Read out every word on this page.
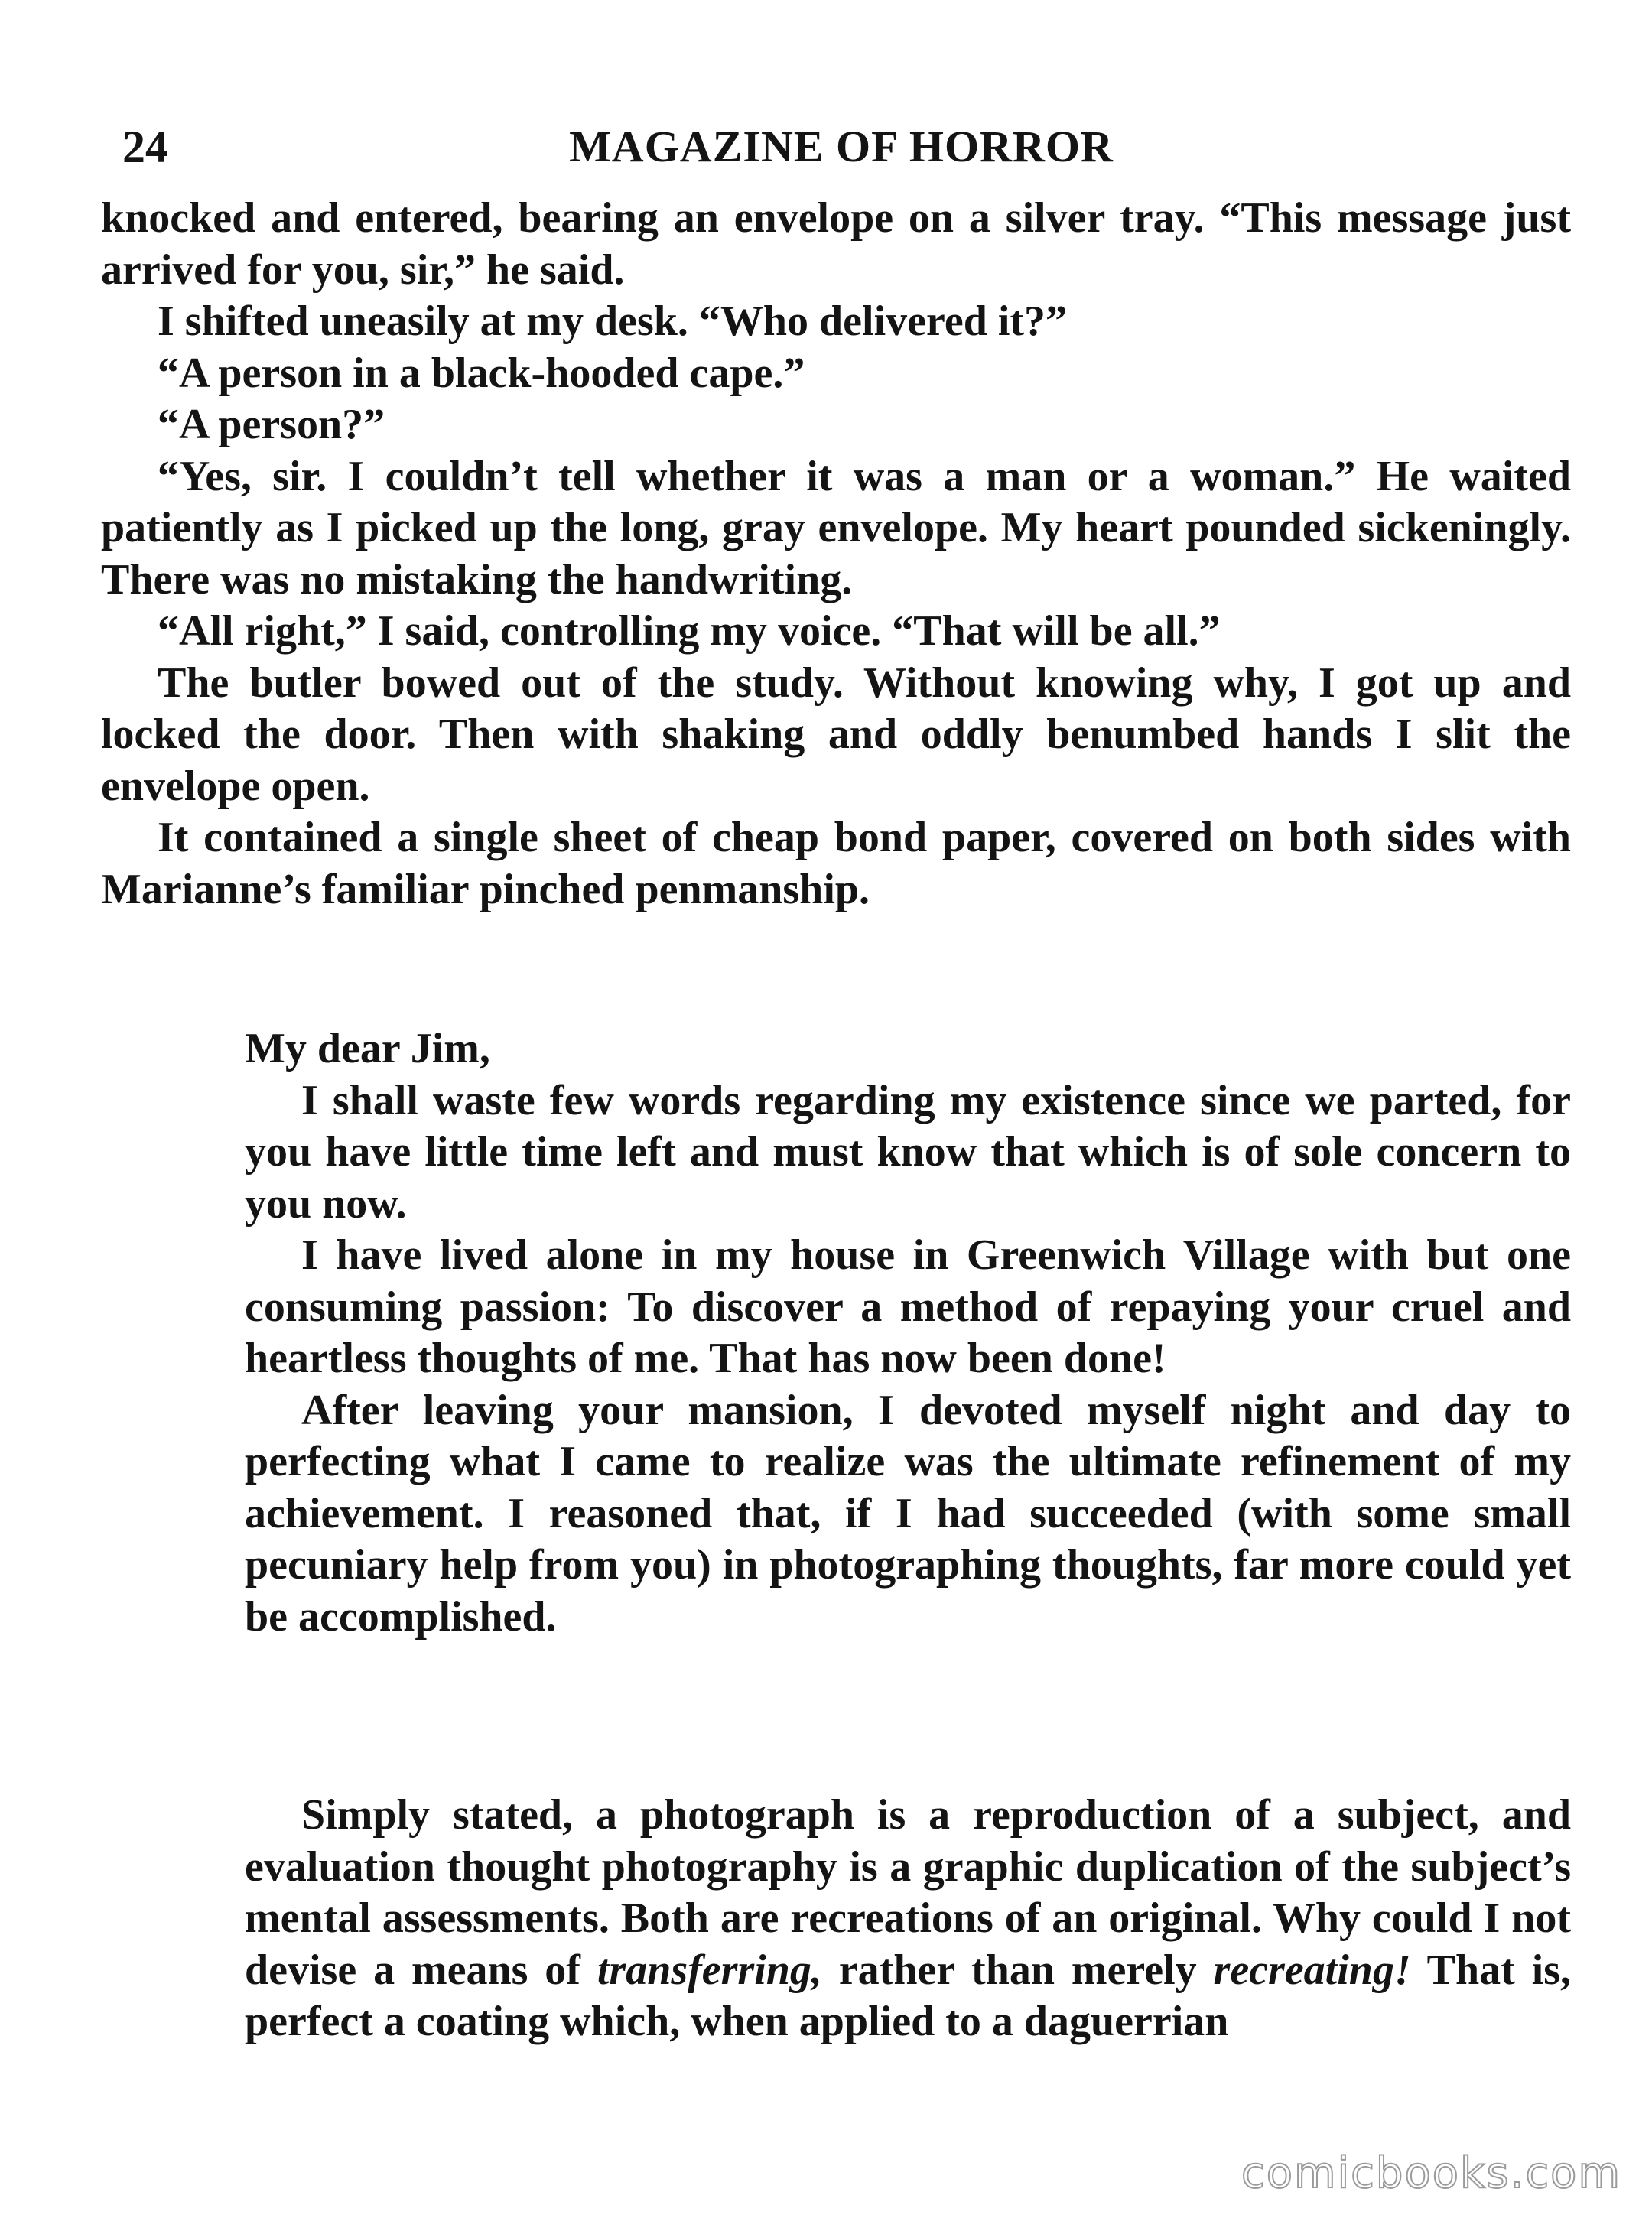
24	MAGAZINE OF HORROR

knocked and entered, bearing an envelope on a silver tray. “This message just arrived for you, sir,” he said.

I shifted uneasily at my desk. “Who delivered it?”

“A person in a black-hooded cape.”

“A person?”

“Yes, sir. I couldn’t tell whether it was a man or a woman.” He waited patiently as I picked up the long, gray envelope. My heart pounded sickeningly. There was no mistaking the handwriting.

“All right,” I said, controlling my voice. “That will be all.”

The butler bowed out of the study. Without knowing why, I got up and locked the door. Then with shaking and oddly benumbed hands I slit the envelope open.

It contained a single sheet of cheap bond paper, covered on both sides with Marianne’s familiar pinched penmanship.

My dear Jim,

I shall waste few words regarding my existence since we parted, for you have little time left and must know that which is of sole concern to you now.

I have lived alone in my house in Greenwich Village with but one consuming passion: To discover a method of repaying your cruel and heartless thoughts of me. That has now been done!

After leaving your mansion, I devoted myself night and day to perfecting what I came to realize was the ultimate refinement of my achievement. I reasoned that, if I had succeeded (with some small pecuniary help from you) in photographing thoughts, far more could yet be accomplished.

Simply stated, a photograph is a reproduction of a subject, and evaluation thought photography is a graphic duplication of the subject’s mental assessments. Both are recreations of an original. Why could I not devise a means of transferring, rather than merely recreating! That is, perfect a coating which, when applied to a daguerrian

comicbooks.com
